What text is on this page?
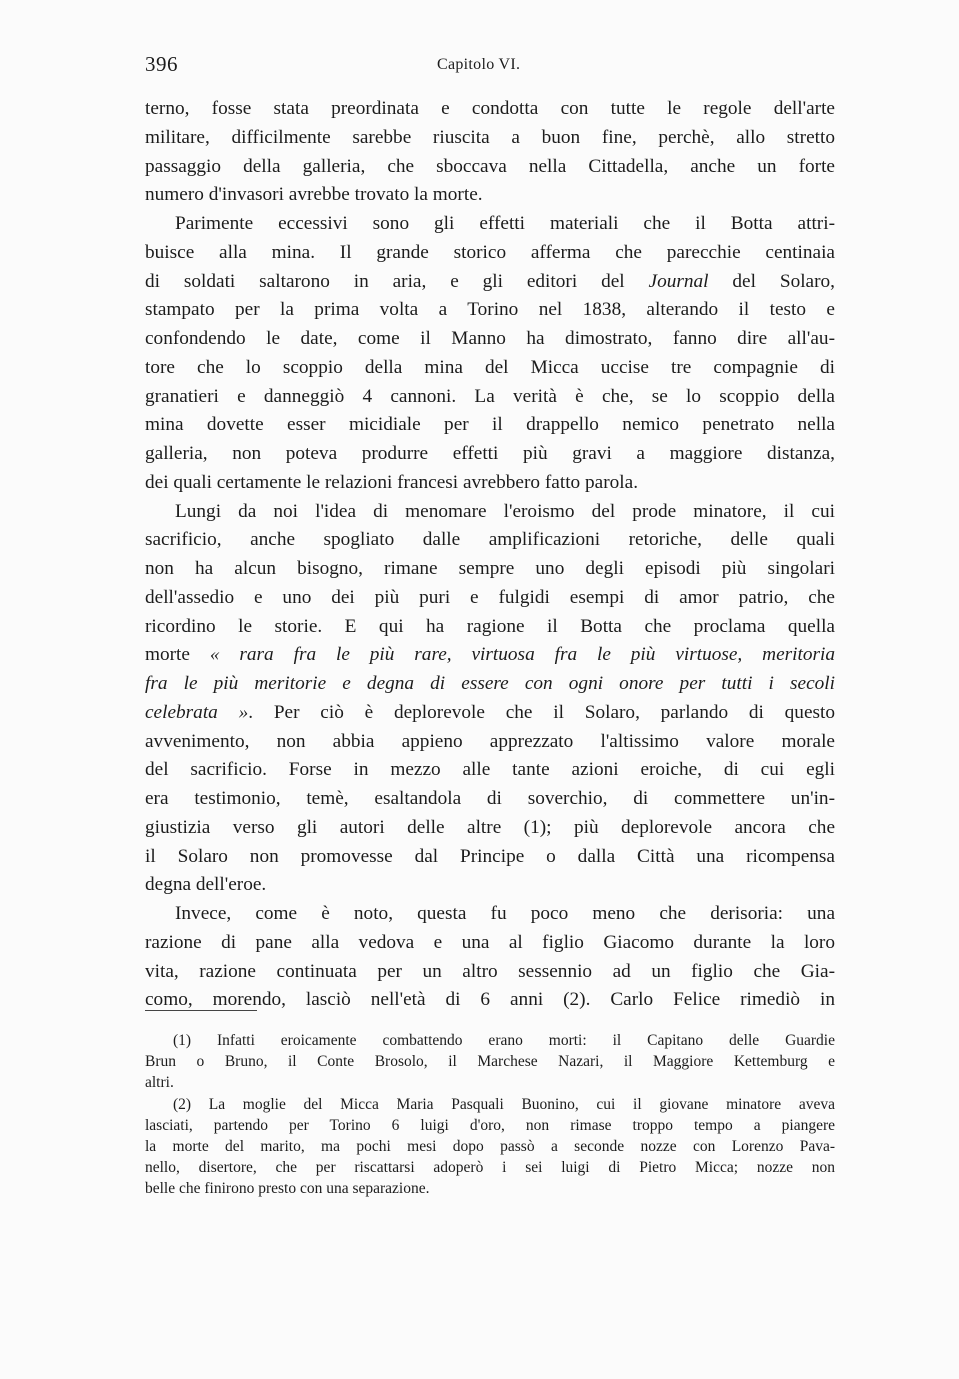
396	Capitolo VI.
terno, fosse stata preordinata e condotta con tutte le regole dell'arte
militare, difficilmente sarebbe riuscita a buon fine, perchè, allo stretto
passaggio della galleria, che sboccava nella Cittadella, anche un forte
numero d'invasori avrebbe trovato la morte.
Parimente eccessivi sono gli effetti materiali che il Botta attri-
buisce alla mina. Il grande storico afferma che parecchie centinaia
di soldati saltarono in aria, e gli editori del Journal del Solaro,
stampato per la prima volta a Torino nel 1838, alterando il testo e
confondendo le date, come il Manno ha dimostrato, fanno dire all'au-
tore che lo scoppio della mina del Micca uccise tre compagnie di
granatieri e danneggiò 4 cannoni. La verità è che, se lo scoppio della
mina dovette esser micidiale per il drappello nemico penetrato nella
galleria, non poteva produrre effetti più gravi a maggiore distanza,
dei quali certamente le relazioni francesi avrebbero fatto parola.
Lungi da noi l'idea di menomare l'eroismo del prode minatore, il cui
sacrificio, anche spogliato dalle amplificazioni retoriche, delle quali
non ha alcun bisogno, rimane sempre uno degli episodi più singolari
dell'assedio e uno dei più puri e fulgidi esempi di amor patrio, che
ricordino le storie. E qui ha ragione il Botta che proclama quella
morte « rara fra le più rare, virtuosa fra le più virtuose, meritoria
fra le più meritorie e degna di essere con ogni onore per tutti i secoli
celebrata ». Per ciò è deplorevole che il Solaro, parlando di questo
avvenimento, non abbia appieno apprezzato l'altissimo valore morale
del sacrificio. Forse in mezzo alle tante azioni eroiche, di cui egli
era testimonio, temè, esaltandola di soverchio, di commettere un'in-
giustizia verso gli autori delle altre (1); più deplorevole ancora che
il Solaro non promovesse dal Principe o dalla Città una ricompensa
degna dell'eroe.
Invece, come è noto, questa fu poco meno che derisoria: una
razione di pane alla vedova e una al figlio Giacomo durante la loro
vita, razione continuata per un altro sessennio ad un figlio che Gia-
como, morendo, lasciò nell'età di 6 anni (2). Carlo Felice rimediò in
(1) Infatti eroicamente combattendo erano morti: il Capitano delle Guardie
Brun o Bruno, il Conte Brosolo, il Marchese Nazari, il Maggiore Kettemburg e
altri.
(2) La moglie del Micca Maria Pasquali Buonino, cui il giovane minatore aveva
lasciati, partendo per Torino 6 luigi d'oro, non rimase troppo tempo a piangere
la morte del marito, ma pochi mesi dopo passò a seconde nozze con Lorenzo Pava-
nello, disertore, che per riscattarsi adoperò i sei luigi di Pietro Micca; nozze non
belle che finirono presto con una separazione.
